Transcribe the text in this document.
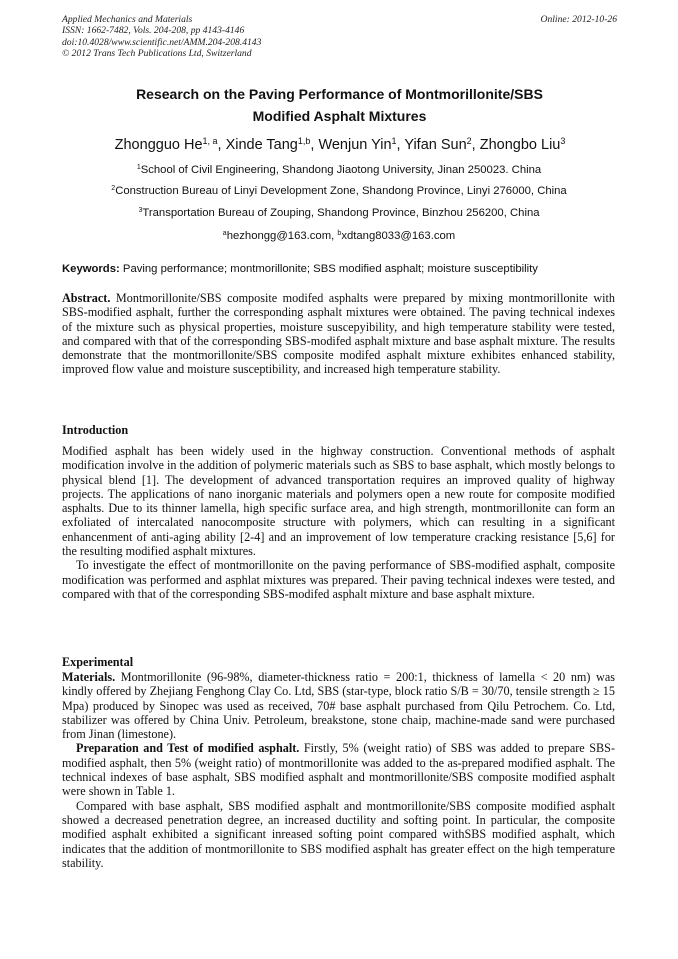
Applied Mechanics and Materials
ISSN: 1662-7482, Vols. 204-208, pp 4143-4146
doi:10.4028/www.scientific.net/AMM.204-208.4143
© 2012 Trans Tech Publications Ltd, Switzerland
Online: 2012-10-26
Research on the Paving Performance of Montmorillonite/SBS
Modified Asphalt Mixtures
Zhongguo He$^{1, a}$, Xinde Tang$^{1,b}$, Wenjun Yin$^1$, Yifan Sun$^2$, Zhongbo Liu$^3$
$^1$School of Civil Engineering, Shandong Jiaotong University, Jinan 250023. China
$^2$Construction Bureau of Linyi Development Zone, Shandong Province, Linyi 276000, China
$^3$Transportation Bureau of Zouping, Shandong Province, Binzhou 256200, China
$^a$hezhongg@163.com, $^b$xdtang8033@163.com
Keywords: Paving performance; montmorillonite; SBS modified asphalt; moisture susceptibility

Abstract. Montmorillonite/SBS composite modifed asphalts were prepared by mixing montmorillonite with SBS-modified asphalt, further the corresponding asphalt mixtures were obtained. The paving technical indexes of the mixture such as physical properties, moisture suscepyibility, and high temperature stability were tested, and compared with that of the corresponding SBS-modifed asphalt mixture and base asphalt mixture. The results demonstrate that the montmorillonite/SBS composite modifed asphalt mixture exhibites enhanced stability, improved flow value and moisture susceptibility, and increased high temperature stability.

Introduction

Modified asphalt has been widely used in the highway construction. Conventional methods of asphalt modification involve in the addition of polymeric materials such as SBS to base asphalt, which mostly belongs to physical blend [1]. The development of advanced transportation requires an improved quality of highway projects. The applications of nano inorganic materials and polymers open a new route for composite modified asphalts. Due to its thinner lamella, high specific surface area, and high strength, montmorillonite can form an exfoliated of intercalated nanocomposite structure with polymers, which can resulting in a significant enhancenment of anti-aging ability [2-4] and an improvement of low temperature cracking resistance [5,6] for the resulting modified asphalt mixtures.

To investigate the effect of montmorillonite on the paving performance of SBS-modified asphalt, composite modification was performed and asphlat mixtures was prepared. Their paving technical indexes were tested, and compared with that of the corresponding SBS-modifed asphalt mixture and base asphalt mixture.

Experimental

Materials. Montmorillonite (96-98%, diameter-thickness ratio = 200:1, thickness of lamella < 20 nm) was kindly offered by Zhejiang Fenghong Clay Co. Ltd, SBS (star-type, block ratio S/B = 30/70, tensile strength ≥ 15 Mpa) produced by Sinopec was used as received, 70# base asphalt purchased from Qilu Petrochem. Co. Ltd, stabilizer was offered by China Univ. Petroleum, breakstone, stone chaip, machine-made sand were purchased from Jinan (limestone).

Preparation and Test of modified asphalt. Firstly, 5% (weight ratio) of SBS was added to prepare SBS-modified asphalt, then 5% (weight ratio) of montmorillonite was added to the as-prepared modified asphalt. The technical indexes of base asphalt, SBS modified asphalt and montmorillonite/SBS composite modified asphalt were shown in Table 1.

Compared with base asphalt, SBS modified asphalt and montmorillonite/SBS composite modified asphalt showed a decreased penetration degree, an increased ductility and softing point. In particular, the composite modified asphalt exhibited a significant inreased softing point compared withSBS modified asphalt, which indicates that the addition of montmorillonite to SBS modified asphalt has greater effect on the high temperature stability.
